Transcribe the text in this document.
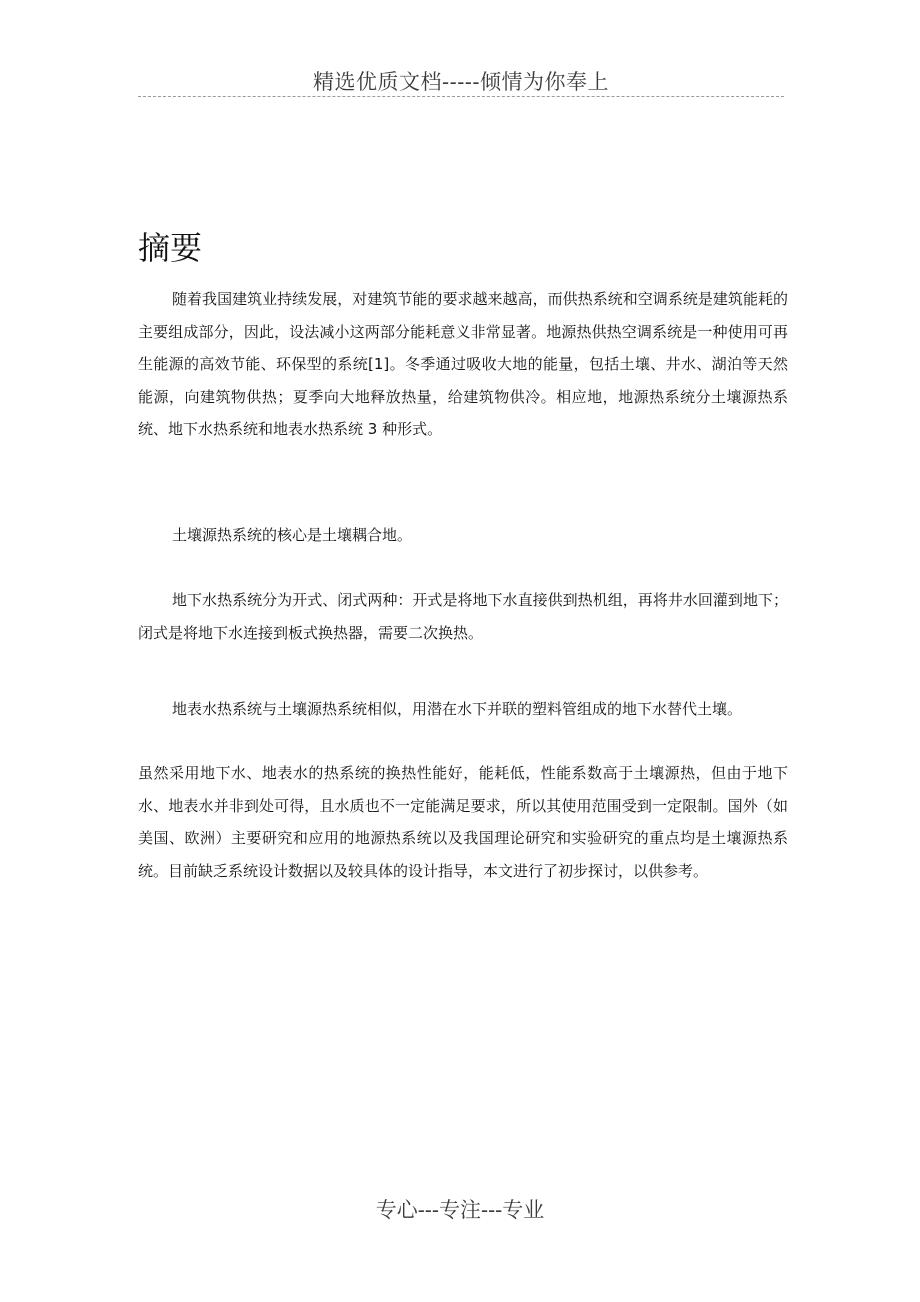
精选优质文档-----倾情为你奉上
摘要

随着我国建筑业持续发展，对建筑节能的要求越来越高，而供热系统和空调系统是建筑能耗的主要组成部分，因此，设法减小这两部分能耗意义非常显著。地源热供热空调系统是一种使用可再生能源的高效节能、环保型的系统[1]。冬季通过吸收大地的能量，包括土壤、井水、湖泊等天然能源，向建筑物供热；夏季向大地释放热量，给建筑物供冷。相应地，地源热系统分土壤源热系统、地下水热系统和地表水热系统 3 种形式。

土壤源热系统的核心是土壤耦合地。

地下水热系统分为开式、闭式两种：开式是将地下水直接供到热机组，再将井水回灌到地下；闭式是将地下水连接到板式换热器，需要二次换热。

地表水热系统与土壤源热系统相似，用潜在水下并联的塑料管组成的地下水替代土壤。

虽然采用地下水、地表水的热系统的换热性能好，能耗低，性能系数高于土壤源热，但由于地下水、地表水并非到处可得，且水质也不一定能满足要求，所以其使用范围受到一定限制。国外（如美国、欧洲）主要研究和应用的地源热系统以及我国理论研究和实验研究的重点均是土壤源热系统。目前缺乏系统设计数据以及较具体的设计指导，本文进行了初步探讨，以供参考。

专心---专注---专业
